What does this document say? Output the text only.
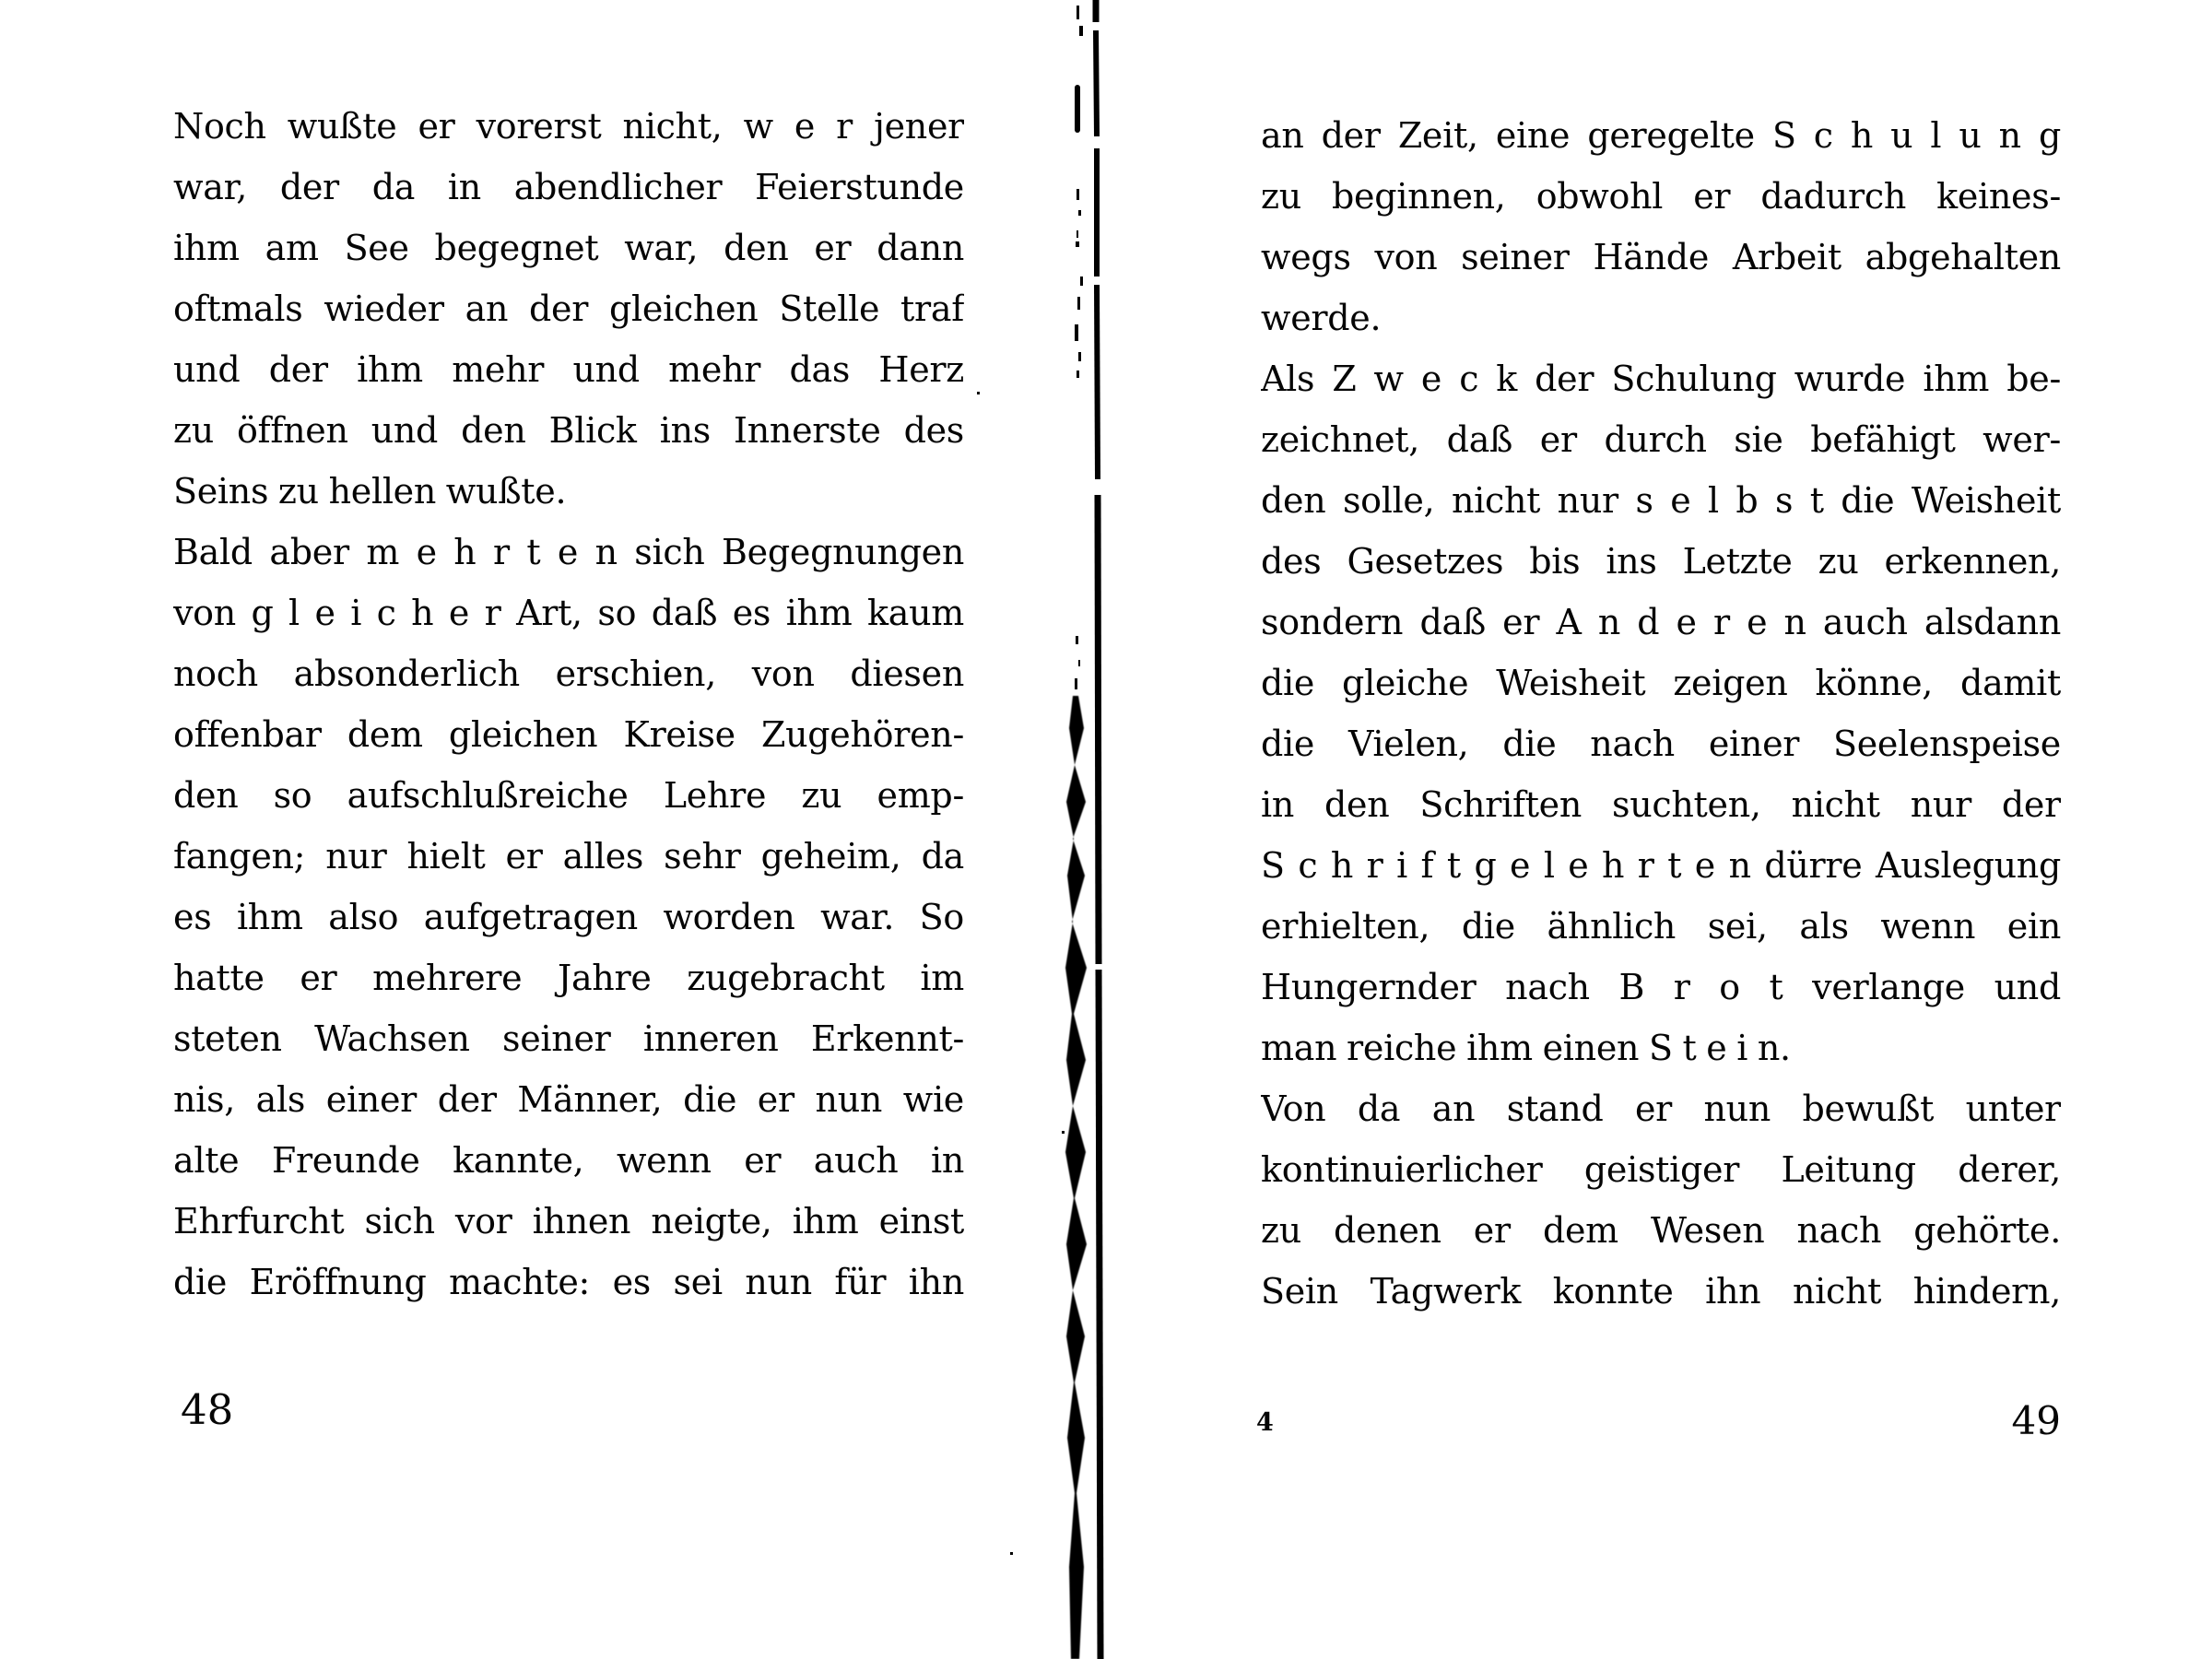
Noch wußte er vorerst nicht, w e r jener
war, der da in abendlicher Feierstunde
ihm am See begegnet war, den er dann
oftmals wieder an der gleichen Stelle traf
und der ihm mehr und mehr das Herz
zu öffnen und den Blick ins Innerste des
Seins zu hellen wußte.
Bald aber m e h r t e n sich Begegnungen
von g l e i c h e r Art, so daß es ihm kaum
noch absonderlich erschien, von diesen
offenbar dem gleichen Kreise Zugehören-
den so aufschlußreiche Lehre zu emp-
fangen; nur hielt er alles sehr geheim, da
es ihm also aufgetragen worden war. So
hatte er mehrere Jahre zugebracht im
steten Wachsen seiner inneren Erkennt-
nis, als einer der Männer, die er nun wie
alte Freunde kannte, wenn er auch in
Ehrfurcht sich vor ihnen neigte, ihm einst
die Eröffnung machte: es sei nun für ihn
an der Zeit, eine geregelte S c h u l u n g
zu beginnen, obwohl er dadurch keines-
wegs von seiner Hände Arbeit abgehalten
werde.
Als Z w e c k der Schulung wurde ihm be-
zeichnet, daß er durch sie befähigt wer-
den solle, nicht nur s e l b s t die Weisheit
des Gesetzes bis ins Letzte zu erkennen,
sondern daß er A n d e r e n auch alsdann
die gleiche Weisheit zeigen könne, damit
die Vielen, die nach einer Seelenspeise
in den Schriften suchten, nicht nur der
S c h r i f t g e l e h r t e n dürre Auslegung
erhielten, die ähnlich sei, als wenn ein
Hungernder nach B r o t verlange und
man reiche ihm einen S t e i n.
Von da an stand er nun bewußt unter
kontinuierlicher geistiger Leitung derer,
zu denen er dem Wesen nach gehörte.
Sein Tagwerk konnte ihn nicht hindern,
48	49
4
